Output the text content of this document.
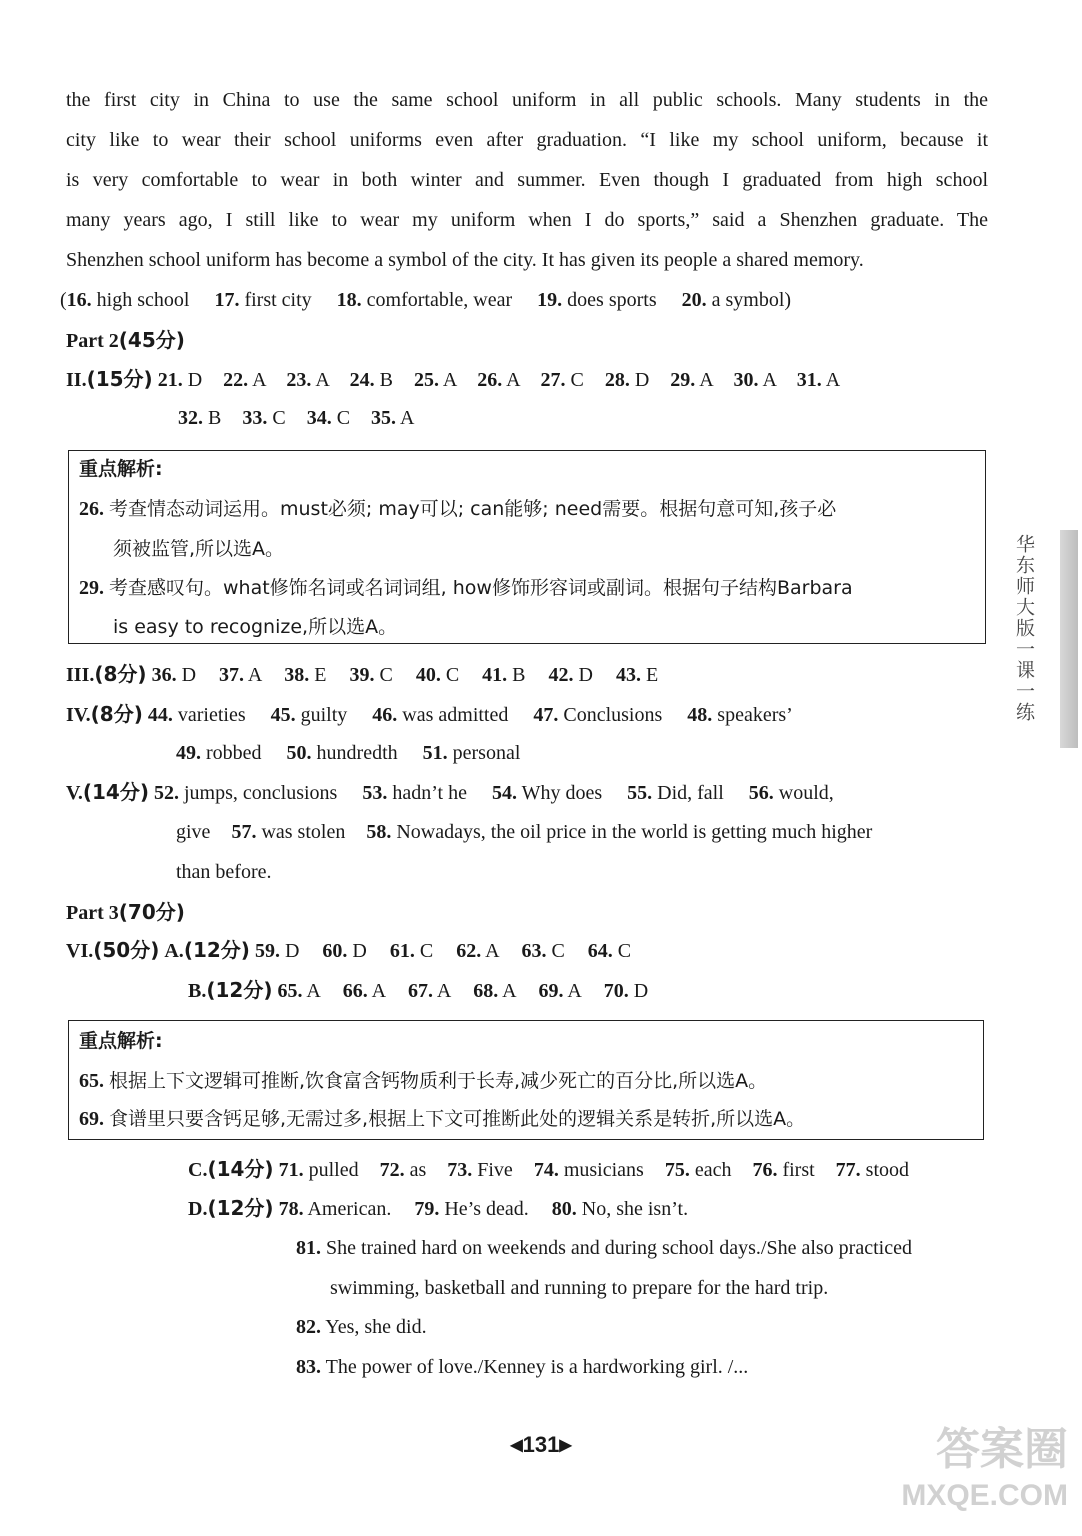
the first city in China to use the same school uniform in all public schools. Many students in the
city like to wear their school uniforms even after graduation. “I like my school uniform, because it
is very comfortable to wear in both winter and summer. Even though I graduated from high school
many years ago, I still like to wear my uniform when I do sports,” said a Shenzhen graduate. The
Shenzhen school uniform has become a symbol of the city. It has given its people a shared memory.
(16. high school 17. first city 18. comfortable, wear 19. does sports 20. a symbol)
Part 2(45分)
II.(15分) 21. D 22. A 23. A 24. B 25. A 26. A 27. C 28. D 29. A 30. A 31. A
32. B 33. C 34. C 35. A
重点解析:
26. 考查情态动词运用。must必须; may可以; can能够; need需要。根据句意可知,孩子必
须被监管,所以选A。
29. 考查感叹句。what修饰名词或名词词组, how修饰形容词或副词。根据句子结构Barbara
is easy to recognize,所以选A。
III.(8分) 36. D 37. A 38. E 39. C 40. C 41. B 42. D 43. E
IV.(8分) 44. varieties 45. guilty 46. was admitted 47. Conclusions 48. speakers’
49. robbed 50. hundredth 51. personal
V.(14分) 52. jumps, conclusions 53. hadn’t he 54. Why does 55. Did, fall 56. would,
give 57. was stolen 58. Nowadays, the oil price in the world is getting much higher
than before.
Part 3(70分)
VI.(50分) A.(12分) 59. D 60. D 61. C 62. A 63. C 64. C
B.(12分) 65. A 66. A 67. A 68. A 69. A 70. D
重点解析:
65. 根据上下文逻辑可推断,饮食富含钙物质利于长寿,减少死亡的百分比,所以选A。
69. 食谱里只要含钙足够,无需过多,根据上下文可推断此处的逻辑关系是转折,所以选A。
C.(14分) 71. pulled 72. as 73. Five 74. musicians 75. each 76. first 77. stood
D.(12分) 78. American. 79. He’s dead. 80. No, she isn’t.
81. She trained hard on weekends and during school days./She also practiced
swimming, basketball and running to prepare for the hard trip.
82. Yes, she did.
83. The power of love./Kenney is a hardworking girl. /...
◀131▶
华东师大版一课一练
答案圈
MXQE.COM
